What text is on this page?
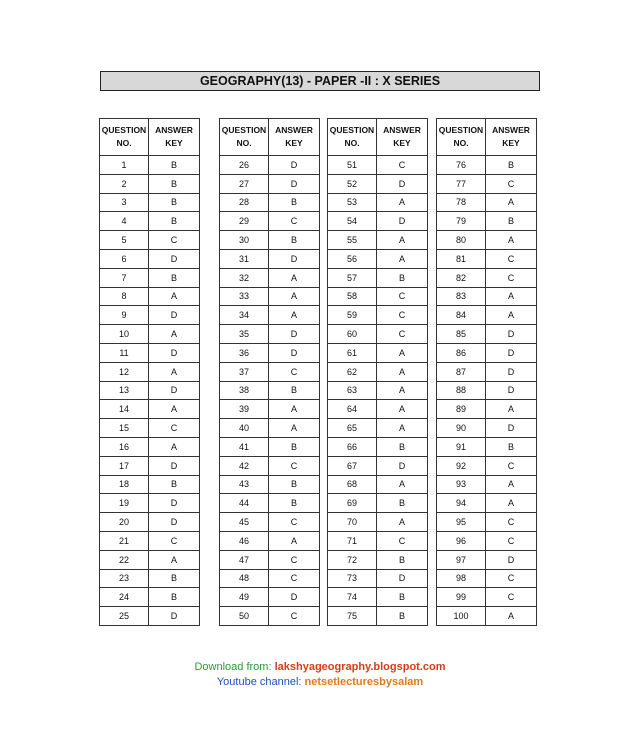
GEOGRAPHY(13) - PAPER -II : X SERIES
QUESTION
NO.	ANSWER
KEY
1	B
2	B
3	B
4	B
5	C
6	D
7	B
8	A
9	D
10	A
11	D
12	A
13	D
14	A
15	C
16	A
17	D
18	B
19	D
20	D
21	C
22	A
23	B
24	B
25	D
QUESTION
NO.	ANSWER
KEY
26	D
27	D
28	B
29	C
30	B
31	D
32	A
33	A
34	A
35	D
36	D
37	C
38	B
39	A
40	A
41	B
42	C
43	B
44	B
45	C
46	A
47	C
48	C
49	D
50	C
QUESTION
NO.	ANSWER
KEY
51	C
52	D
53	A
54	D
55	A
56	A
57	B
58	C
59	C
60	C
61	A
62	A
63	A
64	A
65	A
66	B
67	D
68	A
69	B
70	A
71	C
72	B
73	D
74	B
75	B
QUESTION
NO.	ANSWER
KEY
76	B
77	C
78	A
79	B
80	A
81	C
82	C
83	A
84	A
85	D
86	D
87	D
88	D
89	A
90	D
91	B
92	C
93	A
94	A
95	C
96	C
97	D
98	C
99	C
100	A
Download from: lakshyageography.blogspot.com
Youtube channel: netsetlecturesbysalam
